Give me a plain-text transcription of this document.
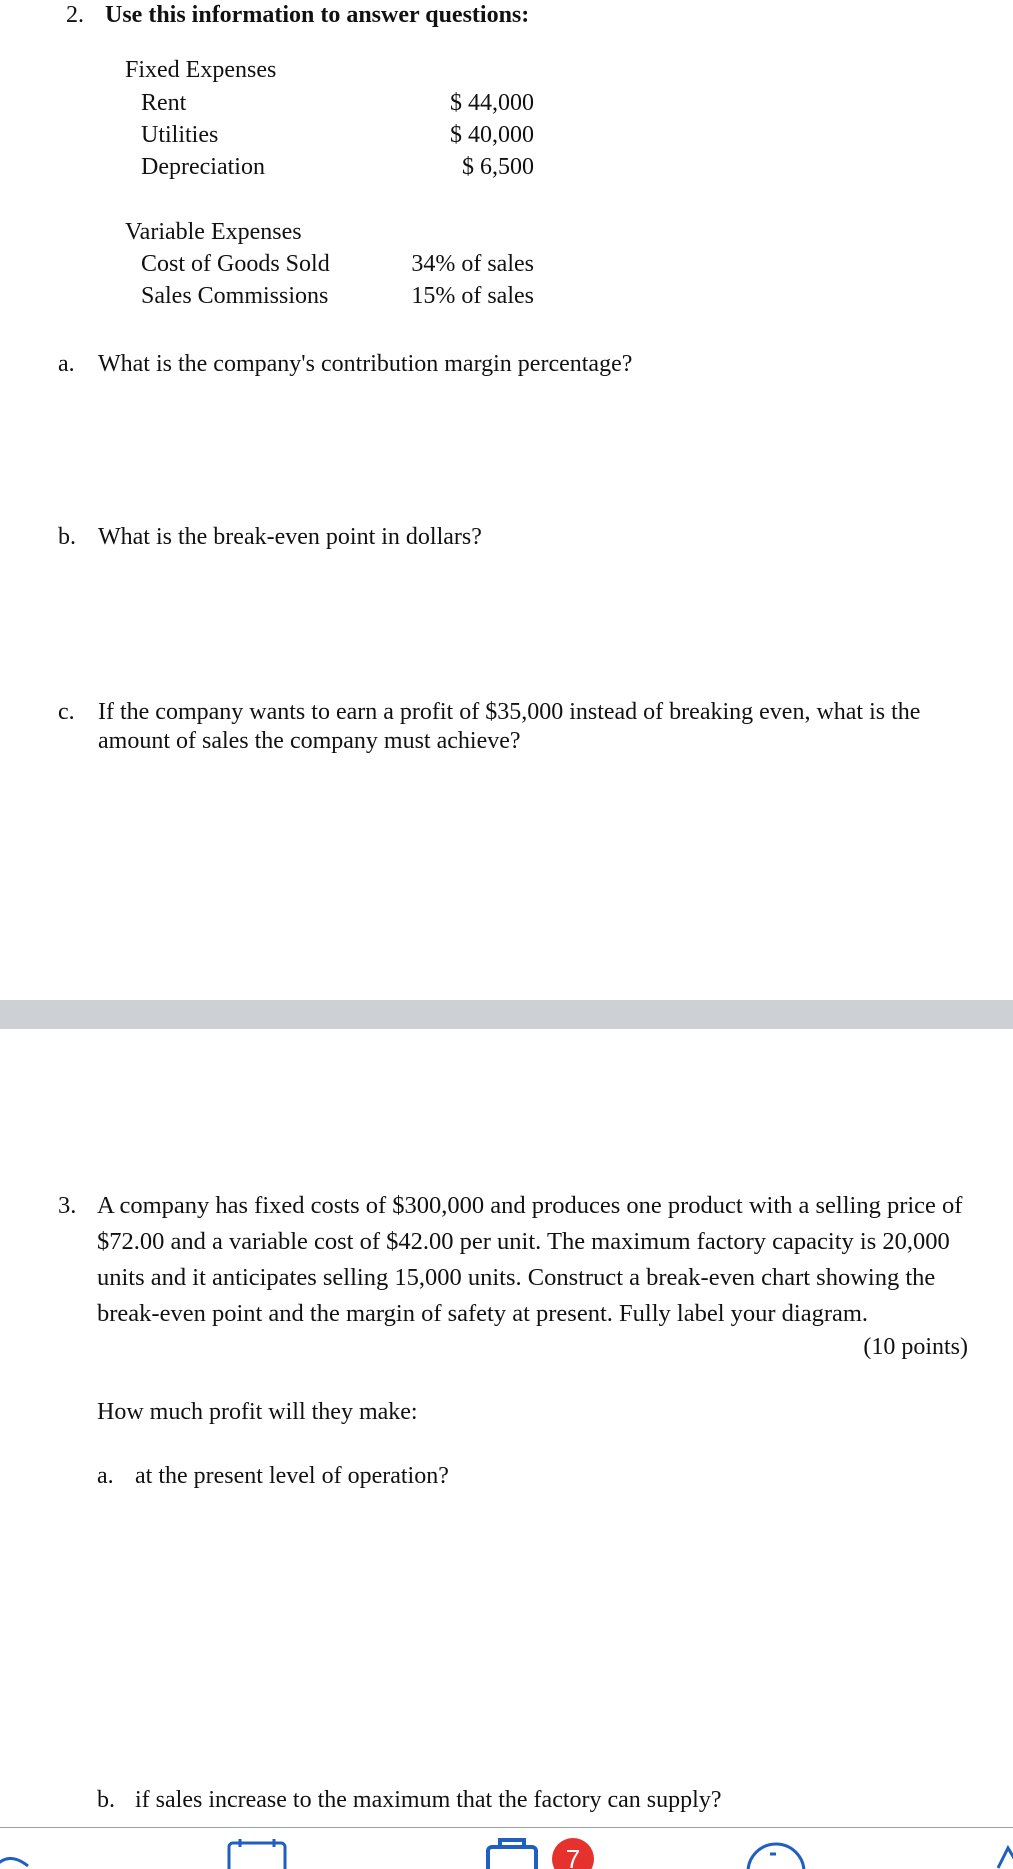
2. Use this information to answer questions:
Fixed Expenses
Rent	$ 44,000
Utilities	$ 40,000
Depreciation	$ 6,500
Variable Expenses
Cost of Goods Sold	34% of sales
Sales Commissions	15% of sales
a. What is the company's contribution margin percentage?
b. What is the break-even point in dollars?
c. If the company wants to earn a profit of $35,000 instead of breaking even, what is the
amount of sales the company must achieve?
3. A company has fixed costs of $300,000 and produces one product with a selling price of $72.00 and a variable cost of $42.00 per unit. The maximum factory capacity is 20,000 units and it anticipates selling 15,000 units. Construct a break-even chart showing the break-even point and the margin of safety at present. Fully label your diagram.
(10 points)
How much profit will they make:
a. at the present level of operation?
b. if sales increase to the maximum that the factory can supply?
7
